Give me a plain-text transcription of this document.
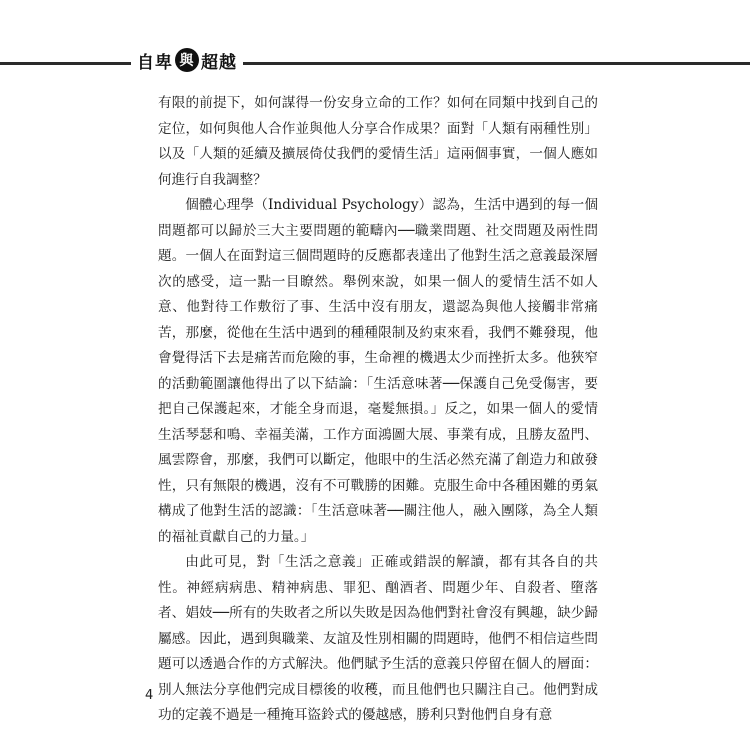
自卑 與 超越

有限的前提下，如何謀得一份安身立命的工作？如何在同類中找到自己的定位，如何與他人合作並與他人分享合作成果？面對「人類有兩種性別」以及「人類的延續及擴展倚仗我們的愛情生活」這兩個事實，一個人應如何進行自我調整？

個體心理學（Individual Psychology）認為，生活中遇到的每一個問題都可以歸於三大主要問題的範疇內──職業問題、社交問題及兩性問題。一個人在面對這三個問題時的反應都表達出了他對生活之意義最深層次的感受，這一點一目瞭然。舉例來說，如果一個人的愛情生活不如人意、他對待工作敷衍了事、生活中沒有朋友，還認為與他人接觸非常痛苦，那麼，從他在生活中遇到的種種限制及約束來看，我們不難發現，他會覺得活下去是痛苦而危險的事，生命裡的機遇太少而挫折太多。他狹窄的活動範圍讓他得出了以下結論：「生活意味著──保護自己免受傷害，要把自己保護起來，才能全身而退，毫髮無損。」反之，如果一個人的愛情生活琴瑟和鳴、幸福美滿，工作方面鴻圖大展、事業有成，且勝友盈門、風雲際會，那麼，我們可以斷定，他眼中的生活必然充滿了創造力和啟發性，只有無限的機遇，沒有不可戰勝的困難。克服生命中各種困難的勇氣構成了他對生活的認識：「生活意味著──關注他人，融入團隊，為全人類的福祉貢獻自己的力量。」

由此可見，對「生活之意義」正確或錯誤的解讀，都有其各自的共性。神經病病患、精神病患、罪犯、酗酒者、問題少年、自殺者、墮落者、娼妓──所有的失敗者之所以失敗是因為他們對社會沒有興趣，缺少歸屬感。因此，遇到與職業、友誼及性別相關的問題時，他們不相信這些問題可以透過合作的方式解決。他們賦予生活的意義只停留在個人的層面：別人無法分享他們完成目標後的收穫，而且他們也只關注自己。他們對成功的定義不過是一種掩耳盜鈴式的優越感，勝利只對他們自身有意

4
